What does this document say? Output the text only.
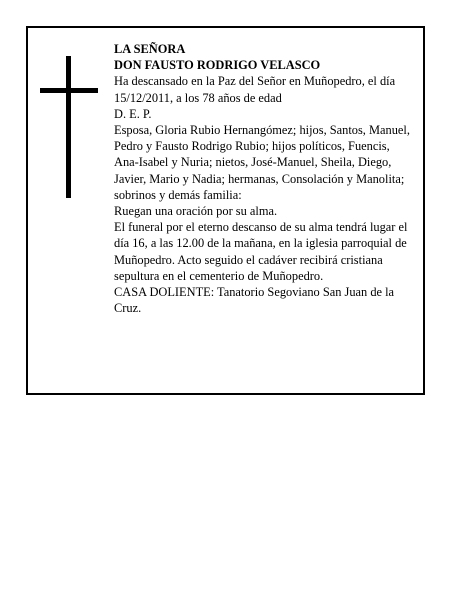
LA SEÑORA
DON FAUSTO RODRIGO VELASCO
Ha descansado en la Paz del Señor en Muñopedro, el día 15/12/2011, a los 78 años de edad
D. E. P.
Esposa, Gloria Rubio Hernangómez; hijos, Santos, Manuel, Pedro y Fausto Rodrigo Rubio; hijos políticos, Fuencis, Ana-Isabel y Nuria; nietos, José-Manuel, Sheila, Diego, Javier, Mario y Nadia; hermanas, Consolación y Manolita; sobrinos y demás familia:
Ruegan una oración por su alma.
El funeral por el eterno descanso de su alma tendrá lugar el día 16, a las 12.00 de la mañana, en la iglesia parroquial de Muñopedro. Acto seguido el cadáver recibirá cristiana sepultura en el cementerio de Muñopedro.
CASA DOLIENTE: Tanatorio Segoviano San Juan de la Cruz.
